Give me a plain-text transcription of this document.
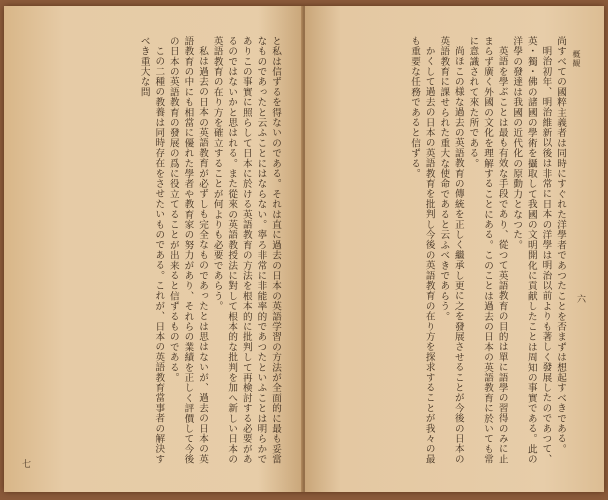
と私は信ずるを得ないのである。それは直に過去の日本の英語学習の方法が全面的に最も妥當なものであったと云ふことにはならない。寧ろ非常に非能率的であつたといふことは明らかでありこの事實に照らして日本に於ける英語教育の方法を根本的に批判して再検討する必要があるのではないかと思はれる。また從來の英語教授法に對して根本的な批判を加へ新しい日本の英語教育の在り方を確立することが何よりも必要であらう。

私は過去の日本の英語教育が必ずしも完全なものであったとは思はないが、過去の日本の英語教育の中にも相當に優れた學者や教育家の努力があり、それらの業績を正しく評價して今後の日本の英語教育の發展の爲に役立てることが出来ると信ずるものである。

この二種の教養は同時存在をさせたいものである。これが、日本の英語教育當事者の解決すべき重大な問

七
概観

尚すべての國粹主義者は同時にすぐれた洋學者であつたことを否まずは想起すべきである。

明治初年、明治維新以後は非常に日本の洋學は明治以前よりも著しく發展したのであつて、英・獨・佛の諸國の學術を攝取して我國の文明開化に貢献したことは周知の事實である。此の洋學の發達は我國の近代化の原動力となつた。

英語を學ぶことは最も有效な手段であり、從つて英語教育の目的は單に語學の習得のみに止まらず廣く外國の文化を理解することにある。このことは過去の日本の英語教育に於いても常に意識されて來た所である。

尚ほこの様な過去の英語教育の傳統を正しく繼承し更に之を發展させることが今後の日本の英語教育に課せられた重大な使命であると云ふべきであらう。

かくして過去の日本の英語教育を批判し今後の英語教育の在り方を探求することが我々の最も重要な任務であると信ずる。

六
